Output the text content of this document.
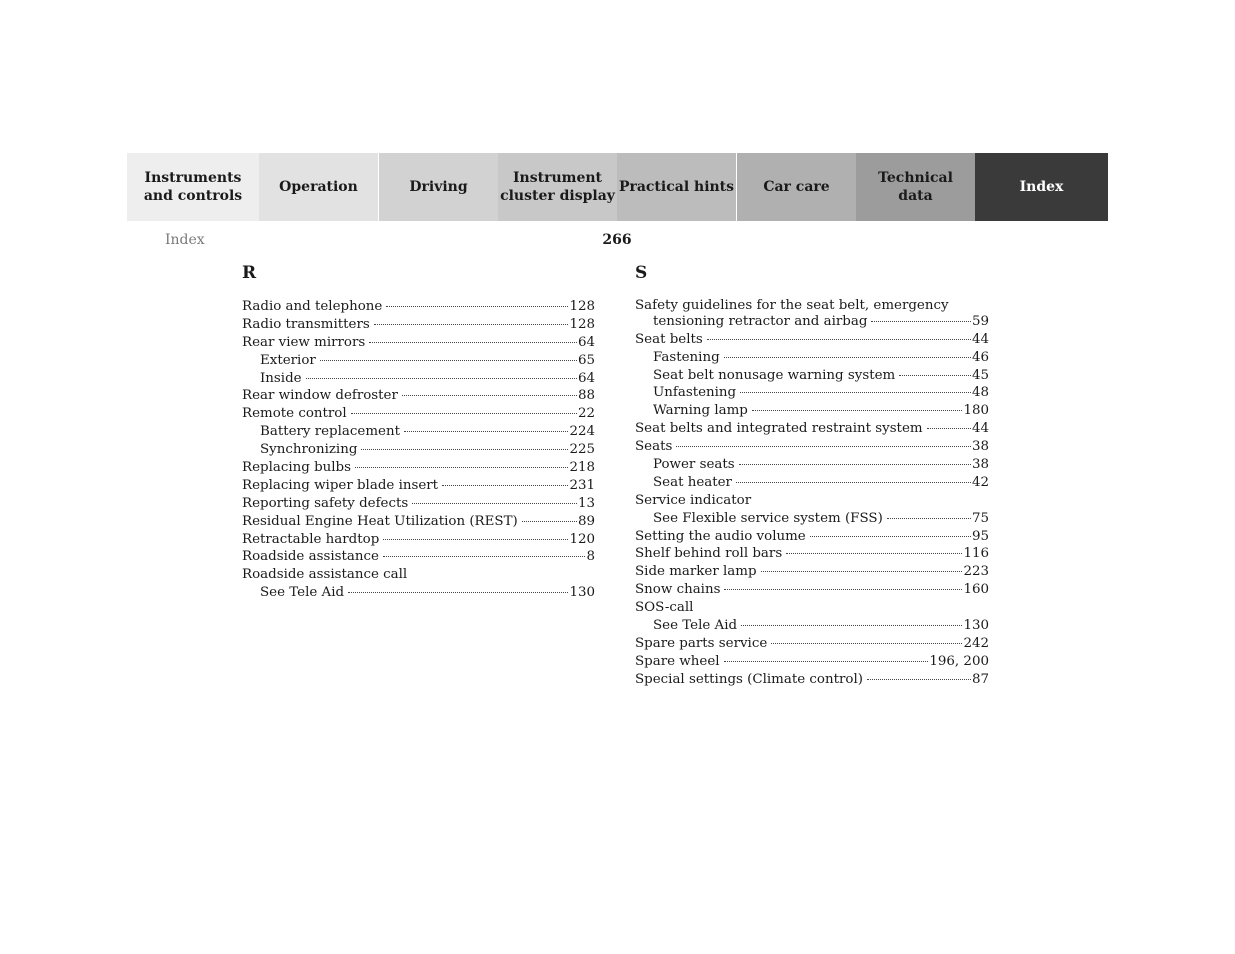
Instruments
and controls
Operation	Driving
Instrument
cluster display
Practical hints	Car care
Technical
data
Index
Index	266
R
Radio and telephone	128
Radio transmitters	128
Rear view mirrors	64
Exterior	65
Inside	64
Rear window defroster	88
Remote control	22
Battery replacement	224
Synchronizing	225
Replacing bulbs	218
Replacing wiper blade insert	231
Reporting safety defects	13
Residual Engine Heat Utilization (REST)	89
Retractable hardtop	120
Roadside assistance	8
Roadside assistance call
See Tele Aid	130
S
Safety guidelines for the seat belt, emergency
tensioning retractor and airbag	59
Seat belts	44
Fastening	46
Seat belt nonusage warning system	45
Unfastening	48
Warning lamp	180
Seat belts and integrated restraint system	44
Seats	38
Power seats	38
Seat heater	42
Service indicator
See Flexible service system (FSS)	75
Setting the audio volume	95
Shelf behind roll bars	116
Side marker lamp	223
Snow chains	160
SOS-call
See Tele Aid	130
Spare parts service	242
Spare wheel	196, 200
Special settings (Climate control)	87
